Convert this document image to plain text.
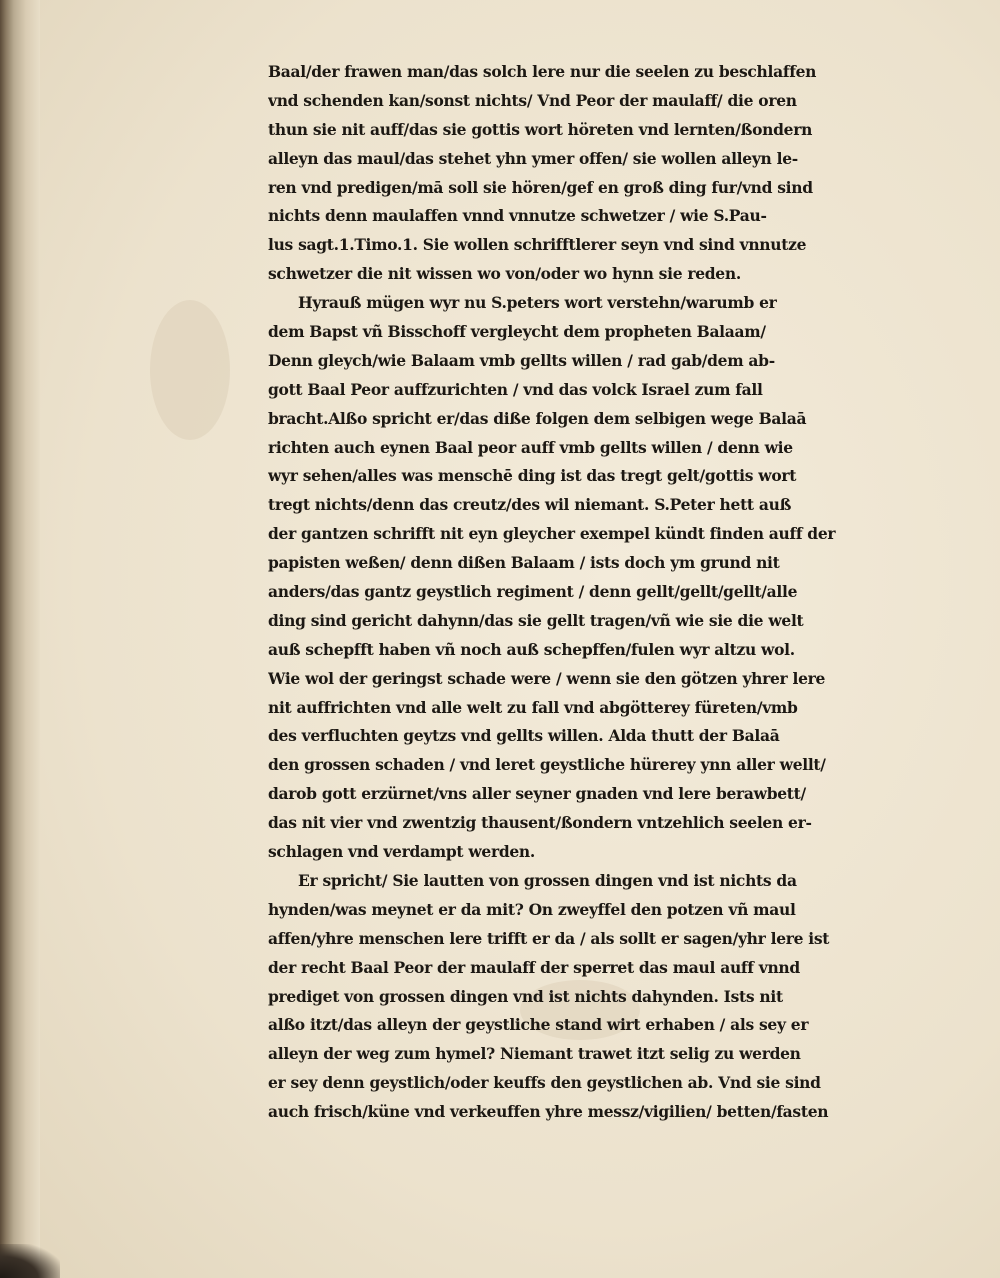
Baal/der frawen man/das solch lere nur die seelen zu beschlaffen
vnd schenden kan/sonst nichts/ Vnd Peor der maulaff/ die oren
thun sie nit auff/das sie gottis wort höreten vnd lernten/ßondern
alleyn das maul/das stehet yhn ymer offen/ sie wollen alleyn le-
ren vnd predigen/mā soll sie hören/gef en groß ding fur/vnd sind
nichts denn maulaffen vnnd vnnutze schwetzer / wie S.Pau-
lus sagt.1.Timo.1. Sie wollen schrifftlerer seyn vnd sind vnnutze
schwetzer die nit wissen wo von/oder wo hynn sie reden.
Hyrauß mügen wyr nu S.peters wort verstehn/warumb er
dem Bapst vñ Bisschoff vergleycht dem propheten Balaam/
Denn gleych/wie Balaam vmb gellts willen / rad gab/dem ab-
gott Baal Peor auffzurichten / vnd das volck Israel zum fall
bracht.Alßo spricht er/das diße folgen dem selbigen wege Balaā
richten auch eynen Baal peor auff vmb gellts willen / denn wie
wyr sehen/alles was menschē ding ist das tregt gelt/gottis wort
tregt nichts/denn das creutz/des wil niemant. S.Peter hett auß
der gantzen schrifft nit eyn gleycher exempel kündt finden auff der
papisten weßen/ denn dißen Balaam / ists doch ym grund nit
anders/das gantz geystlich regiment / denn gellt/gellt/gellt/alle
ding sind gericht dahynn/das sie gellt tragen/vñ wie sie die welt
auß schepfft haben vñ noch auß schepffen/fulen wyr altzu wol.
Wie wol der geringst schade were / wenn sie den götzen yhrer lere
nit auffrichten vnd alle welt zu fall vnd abgötterey füreten/vmb
des verfluchten geytzs vnd gellts willen. Alda thutt der Balaā
den grossen schaden / vnd leret geystliche hürerey ynn aller wellt/
darob gott erzürnet/vns aller seyner gnaden vnd lere berawbett/
das nit vier vnd zwentzig thausent/ßondern vntzehlich seelen er-
schlagen vnd verdampt werden.
Er spricht/ Sie lautten von grossen dingen vnd ist nichts da
hynden/was meynet er da mit? On zweyffel den potzen vñ maul
affen/yhre menschen lere trifft er da / als sollt er sagen/yhr lere ist
der recht Baal Peor der maulaff der sperret das maul auff vnnd
prediget von grossen dingen vnd ist nichts dahynden. Ists nit
alßo itzt/das alleyn der geystliche stand wirt erhaben / als sey er
alleyn der weg zum hymel? Niemant trawet itzt selig zu werden
er sey denn geystlich/oder keuffs den geystlichen ab. Vnd sie sind
auch frisch/küne vnd verkeuffen yhre messz/vigilien/ betten/fasten
